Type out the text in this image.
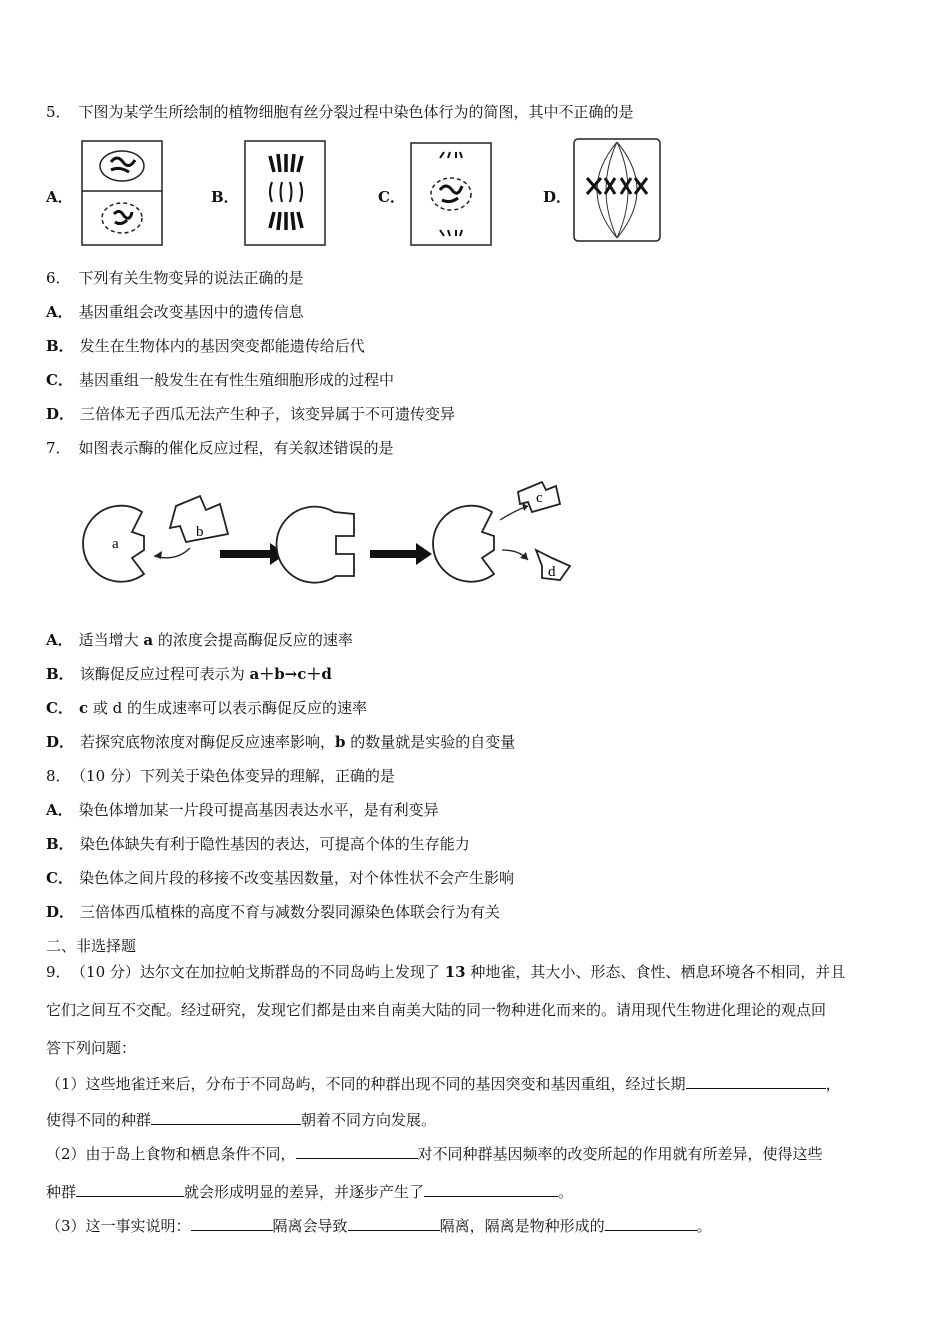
5． 下图为某学生所绘制的植物细胞有丝分裂过程中染色体行为的简图，其中不正确的是
A．	B．	C．	D．
6． 下列有关生物变异的说法正确的是
A． 基因重组会改变基因中的遗传信息
B． 发生在生物体内的基因突变都能遗传给后代
C． 基因重组一般发生在有性生殖细胞形成的过程中
D． 三倍体无子西瓜无法产生种子，该变异属于不可遗传变异
7． 如图表示酶的催化反应过程，有关叙述错误的是
a
b
c
d
A． 适当增大 a 的浓度会提高酶促反应的速率
B． 该酶促反应过程可表示为 a＋b→c＋d
C． c 或 d 的生成速率可以表示酶促反应的速率
D． 若探究底物浓度对酶促反应速率影响，b 的数量就是实验的自变量
8． （10 分）下列关于染色体变异的理解，正确的是
A． 染色体增加某一片段可提高基因表达水平，是有利变异
B． 染色体缺失有利于隐性基因的表达，可提高个体的生存能力
C． 染色体之间片段的移接不改变基因数量，对个体性状不会产生影响
D． 三倍体西瓜植株的高度不育与减数分裂同源染色体联会行为有关
二、非选择题
9． （10 分）达尔文在加拉帕戈斯群岛的不同岛屿上发现了 13 种地雀，其大小、形态、食性、栖息环境各不相同，并且
它们之间互不交配。经过研究，发现它们都是由来自南美大陆的同一物种进化而来的。请用现代生物进化理论的观点回
答下列问题：
（1）这些地雀迁来后，分布于不同岛屿，不同的种群出现不同的基因突变和基因重组，经过长期	，
使得不同的种群	朝着不同方向发展。
（2）由于岛上食物和栖息条件不同，	对不同种群基因频率的改变所起的作用就有所差异，使得这些
种群	就会形成明显的差异，并逐步产生了	。
（3）这一事实说明：	隔离会导致	隔离，隔离是物种形成的	。
